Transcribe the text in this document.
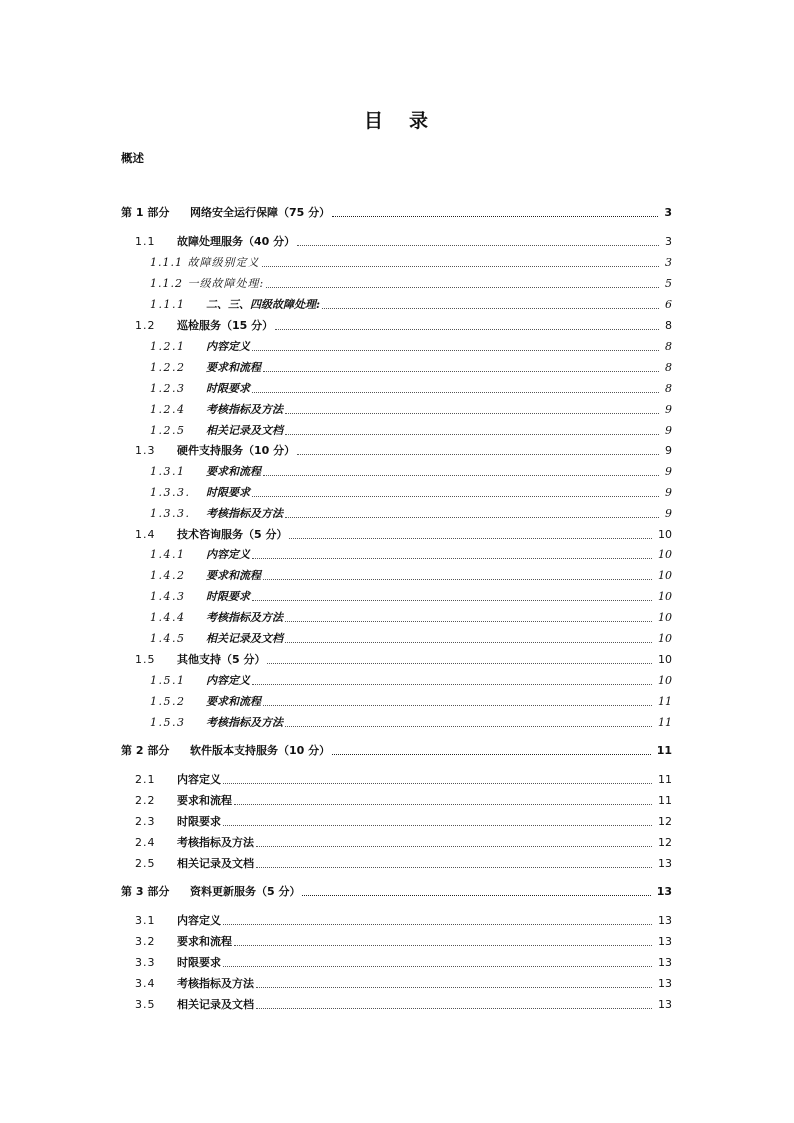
目 录
概述
第 1 部分 网络安全运行保障（75 分）	3
1.1 故障处理服务（40 分）	3
1.1.1 故障级别定义	3
1.1.2 一级故障处理:	5
1.1.1 二、三、四级故障处理:	6
1.2 巡检服务（15 分）	8
1.2.1 内容定义	8
1.2.2 要求和流程	8
1.2.3 时限要求	8
1.2.4 考核指标及方法	9
1.2.5 相关记录及文档	9
1.3 硬件支持服务（10 分）	9
1.3.1 要求和流程	9
1.3.3. 时限要求	9
1.3.3. 考核指标及方法	9
1.4 技术咨询服务（5 分）	10
1.4.1 内容定义	10
1.4.2 要求和流程	10
1.4.3 时限要求	10
1.4.4 考核指标及方法	10
1.4.5 相关记录及文档	10
1.5 其他支持（5 分）	10
1.5.1 内容定义	10
1.5.2 要求和流程	11
1.5.3 考核指标及方法	11
第 2 部分 软件版本支持服务（10 分）	11
2.1 内容定义	11
2.2 要求和流程	11
2.3 时限要求	12
2.4 考核指标及方法	12
2.5 相关记录及文档	13
第 3 部分 资料更新服务（5 分）	13
3.1 内容定义	13
3.2 要求和流程	13
3.3 时限要求	13
3.4 考核指标及方法	13
3.5 相关记录及文档	13
